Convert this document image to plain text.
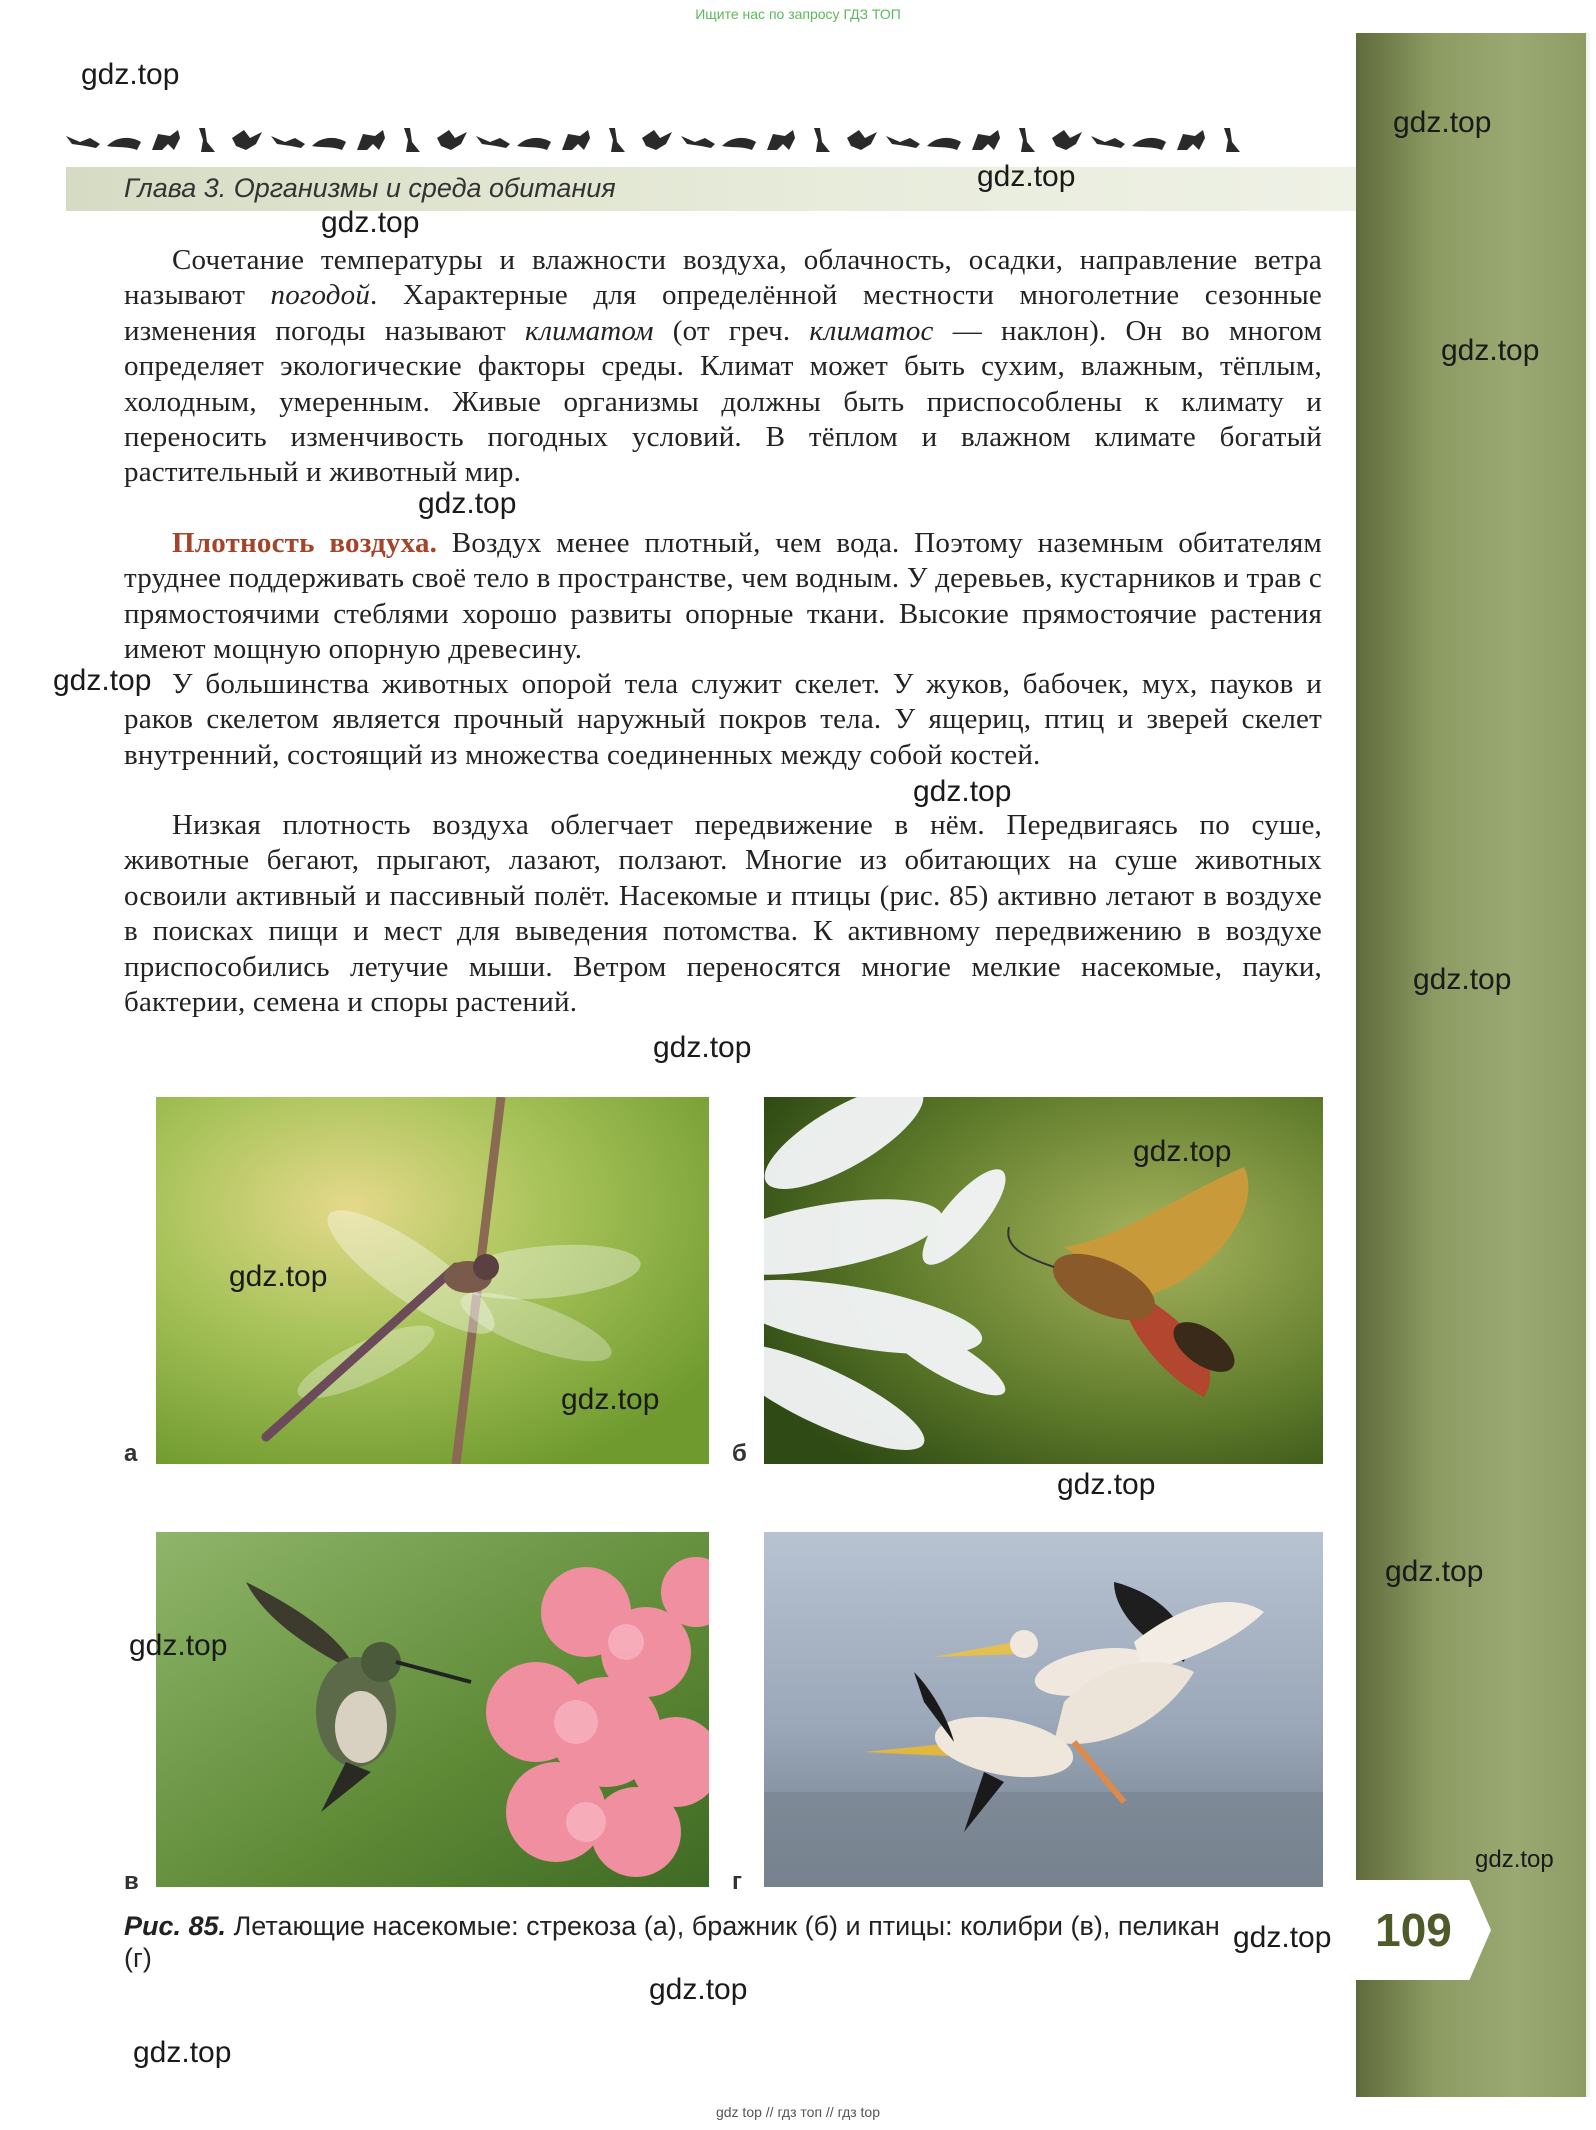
Ищите нас по запросу ГДЗ ТОП
109
Глава 3. Организмы и среда обитания
Сочетание температуры и влажности воздуха, облачность, осадки, направление ветра называют погодой. Характерные для определённой местности многолетние сезонные изменения погоды называют климатом (от греч. климатос — наклон). Он во многом определяет экологические факторы среды. Климат может быть сухим, влажным, тёплым, холодным, умеренным. Живые организмы должны быть приспособлены к климату и переносить изменчивость погодных условий. В тёплом и влажном климате богатый растительный и животный мир.
Плотность воздуха. Воздух менее плотный, чем вода. Поэтому наземным обитателям труднее поддерживать своё тело в пространстве, чем водным. У деревьев, кустарников и трав с прямостоячими стеблями хорошо развиты опорные ткани. Высокие прямостоячие растения имеют мощную опорную древесину.
У большинства животных опорой тела служит скелет. У жуков, бабочек, мух, пауков и раков скелетом является прочный наружный покров тела. У ящериц, птиц и зверей скелет внутренний, состоящий из множества соединенных между собой костей.
Низкая плотность воздуха облегчает передвижение в нём. Передвигаясь по суше, животные бегают, прыгают, лазают, ползают. Многие из обитающих на суше животных освоили активный и пассивный полёт. Насекомые и птицы (рис. 85) активно летают в воздухе в поисках пищи и мест для выведения потомства. К активному передвижению в воздухе приспособились летучие мыши. Ветром переносятся многие мелкие насекомые, пауки, бактерии, семена и споры растений.
а	б
в	г
Рис. 85. Летающие насекомые: стрекоза (а), бражник (б) и птицы: колибри (в), пеликан (г)
gdz.top
gdz.top
gdz.top
gdz.top
gdz.top
gdz.top
gdz.top
gdz.top
gdz.top
gdz.top
gdz.top
gdz.top
gdz.top
gdz.top
gdz.top
gdz.top
gdz.top
gdz.top
gdz.top
gdz.top
gdz top // гдз топ // гдз top
